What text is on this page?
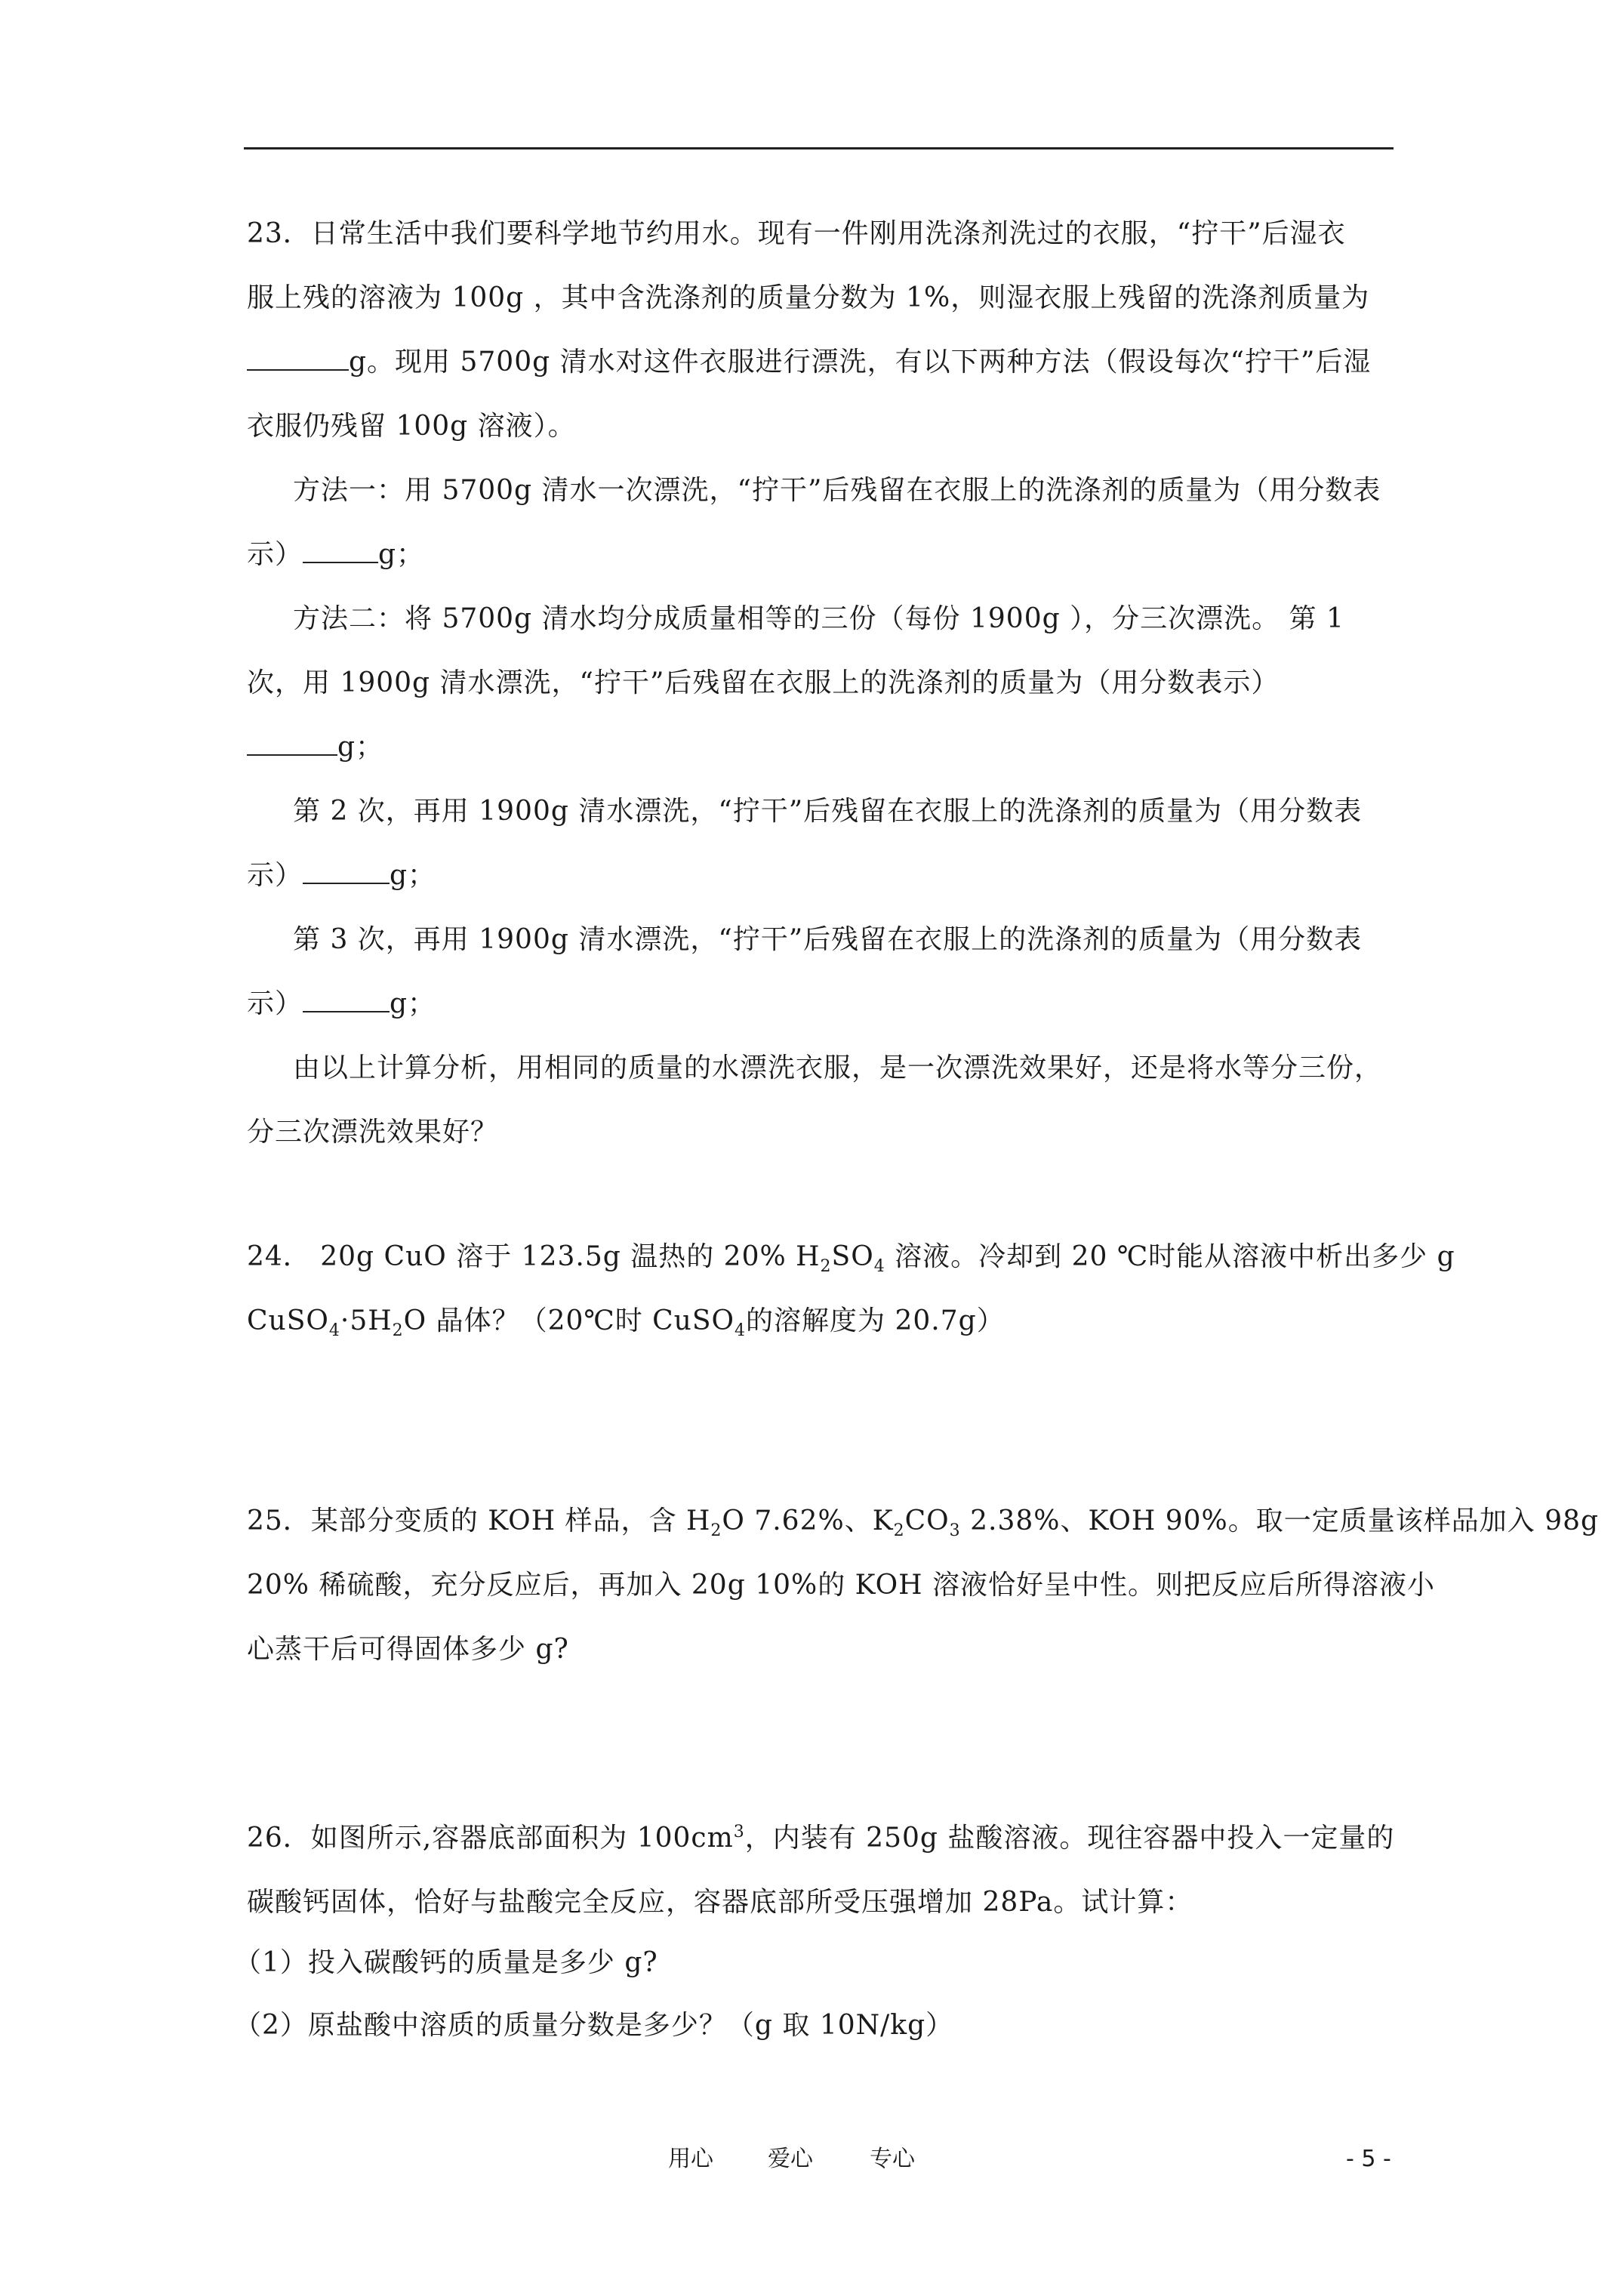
23．日常生活中我们要科学地节约用水。现有一件刚用洗涤剂洗过的衣服，“拧干”后湿衣
服上残的溶液为 100g ，其中含洗涤剂的质量分数为 1%，则湿衣服上残留的洗涤剂质量为
g。现用 5700g 清水对这件衣服进行漂洗，有以下两种方法（假设每次“拧干”后湿
衣服仍残留 100g 溶液）。
方法一：用 5700g 清水一次漂洗，“拧干”后残留在衣服上的洗涤剂的质量为（用分数表
示）	g；
方法二：将 5700g 清水均分成质量相等的三份（每份 1900g ），分三次漂洗。 第 1
次，用 1900g 清水漂洗，“拧干”后残留在衣服上的洗涤剂的质量为（用分数表示）
g；
第 2 次，再用 1900g 清水漂洗，“拧干”后残留在衣服上的洗涤剂的质量为（用分数表
示）	g；
第 3 次，再用 1900g 清水漂洗，“拧干”后残留在衣服上的洗涤剂的质量为（用分数表
示）	g；
由以上计算分析，用相同的质量的水漂洗衣服，是一次漂洗效果好，还是将水等分三份，
分三次漂洗效果好？
24． 20g CuO 溶于 123.5g 温热的 20% $H_2SO_4$ 溶液。冷却到 20 ℃时能从溶液中析出多少 g
$CuSO_4\cdot 5H_2O$ 晶体？（20℃时 CuSO$_4$的溶解度为 20.7g）
25．某部分变质的 KOH 样品，含 $H_2O$ 7.62%、$K_2CO_3$ 2.38%、KOH 90%。取一定质量该样品加入 98g
20% 稀硫酸，充分反应后，再加入 20g 10%的 KOH 溶液恰好呈中性。则把反应后所得溶液小
心蒸干后可得固体多少 g?
26．如图所示,容器底部面积为 $100cm^3$，内装有 250g 盐酸溶液。现往容器中投入一定量的
碳酸钙固体，恰好与盐酸完全反应，容器底部所受压强增加 28Pa。试计算：
（1）投入碳酸钙的质量是多少 g?
（2）原盐酸中溶质的质量分数是多少？（g 取 10N/kg）
用心 爱心	专心	- 5 -
